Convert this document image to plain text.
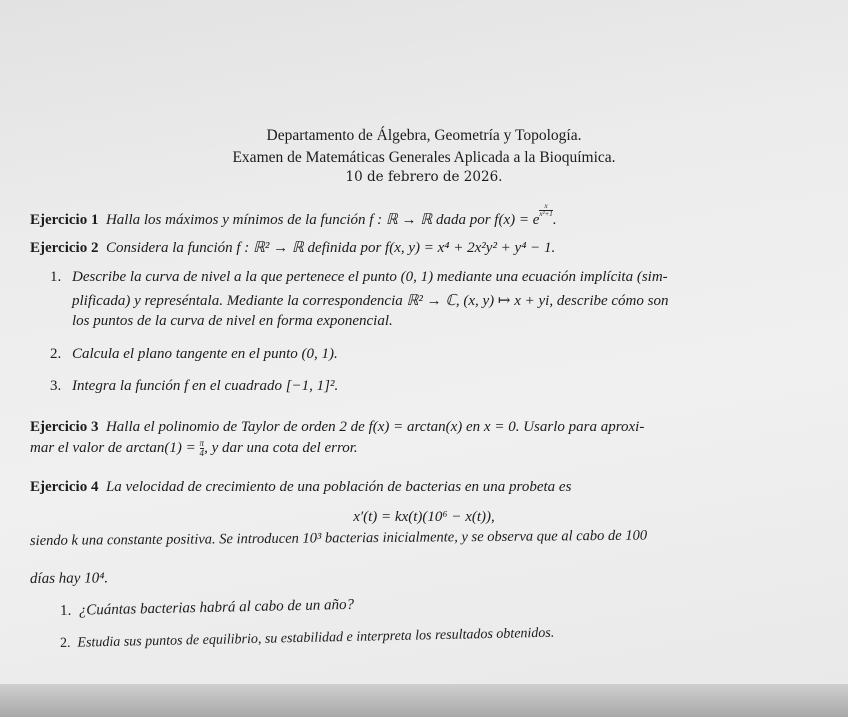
Departamento de Álgebra, Geometría y Topología.
Examen de Matemáticas Generales Aplicada a la Bioquímica.
10 de febrero de 2026.
Ejercicio 1 Halla los máximos y mínimos de la función f : ℝ → ℝ dada por f(x) = e
$\frac{x}{\text{x²+1}}$
.
Ejercicio 2 Considera la función f : ℝ² → ℝ definida por f(x, y) = x⁴ + 2x²y² + y⁴ − 1.
1. Describe la curva de nivel a la que pertenece el punto (0, 1) mediante una ecuación implícita (sim-
plificada) y represéntala. Mediante la correspondencia ℝ² → ℂ, (x, y) ↦ x + yi, describe cómo son
los puntos de la curva de nivel en forma exponencial.
2. Calcula el plano tangente en el punto (0, 1).
3. Integra la función f en el cuadrado [−1, 1]².
Ejercicio 3 Halla el polinomio de Taylor de orden 2 de f(x) = arctan(x) en x = 0. Usarlo para aproxi-
mar el valor de $\arctan(1) = \frac{\pi}{4}$ , y dar una cota del error.
Ejercicio 4 La velocidad de crecimiento de una población de bacterias en una probeta es
x′(t) = kx(t)(10⁶ − x(t)),
siendo k una constante positiva. Se introducen 10³ bacterias inicialmente, y se observa que al cabo de 100
días hay 10⁴.
1. ¿Cuántas bacterias habrá al cabo de un año?
2. Estudia sus puntos de equilibrio, su estabilidad e interpreta los resultados obtenidos.
